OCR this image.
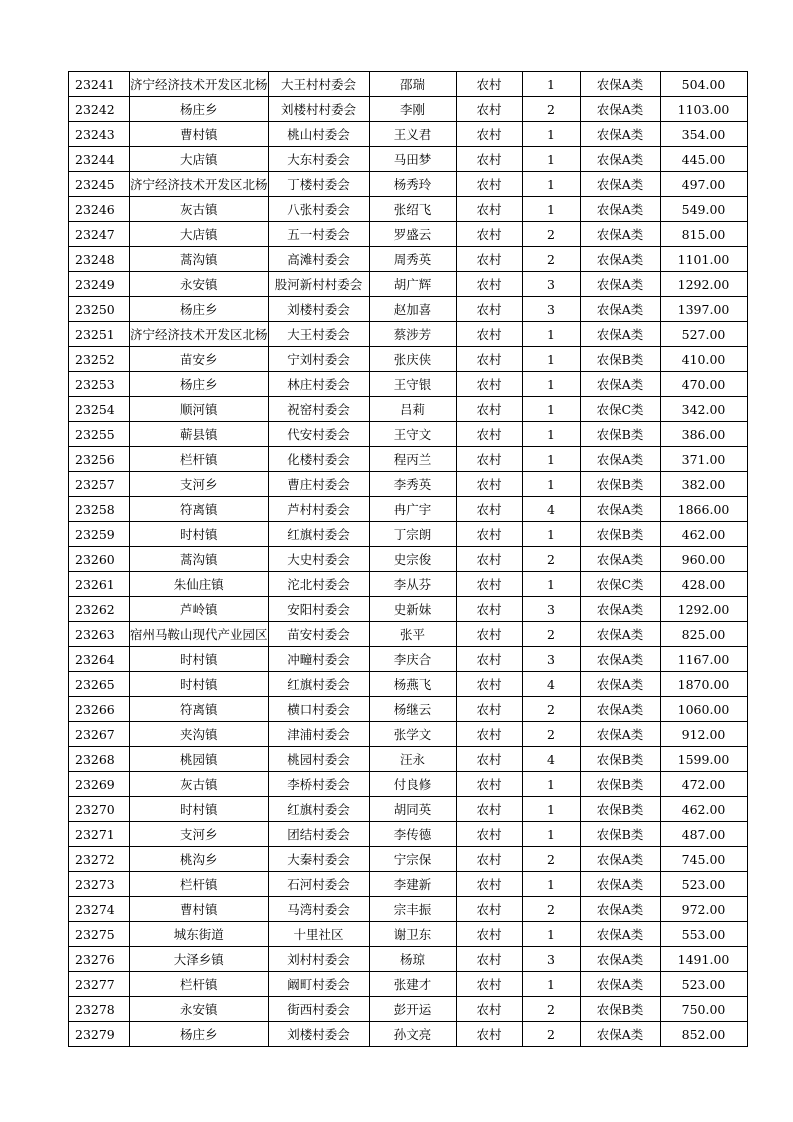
23241	济宁经济技术开发区北杨	大王村村委会	邵瑞	农村	1	农保A类	504.00
23242	杨庄乡	刘楼村村委会	李刚	农村	2	农保A类	1103.00
23243	曹村镇	桃山村委会	王义君	农村	1	农保A类	354.00
23244	大店镇	大东村委会	马田梦	农村	1	农保A类	445.00
23245	济宁经济技术开发区北杨	丁楼村委会	杨秀玲	农村	1	农保A类	497.00
23246	灰古镇	八张村委会	张绍飞	农村	1	农保A类	549.00
23247	大店镇	五一村委会	罗盛云	农村	2	农保A类	815.00
23248	蒿沟镇	高滩村委会	周秀英	农村	2	农保A类	1101.00
23249	永安镇	股河新村村委会	胡广辉	农村	3	农保A类	1292.00
23250	杨庄乡	刘楼村委会	赵加喜	农村	3	农保A类	1397.00
23251	济宁经济技术开发区北杨	大王村委会	蔡涉芳	农村	1	农保A类	527.00
23252	苗安乡	宁刘村委会	张庆侠	农村	1	农保B类	410.00
23253	杨庄乡	林庄村委会	王守银	农村	1	农保A类	470.00
23254	顺河镇	祝窑村委会	吕莉	农村	1	农保C类	342.00
23255	蕲县镇	代安村委会	王守文	农村	1	农保B类	386.00
23256	栏杆镇	化楼村委会	程丙兰	农村	1	农保A类	371.00
23257	支河乡	曹庄村委会	李秀英	农村	1	农保B类	382.00
23258	符离镇	芦村村委会	冉广宇	农村	4	农保A类	1866.00
23259	时村镇	红旗村委会	丁宗朗	农村	1	农保B类	462.00
23260	蒿沟镇	大史村委会	史宗俊	农村	2	农保A类	960.00
23261	朱仙庄镇	沱北村委会	李从芬	农村	1	农保C类	428.00
23262	芦岭镇	安阳村委会	史新妹	农村	3	农保A类	1292.00
23263	宿州马鞍山现代产业园区	苗安村委会	张平	农村	2	农保A类	825.00
23264	时村镇	冲疃村委会	李庆合	农村	3	农保A类	1167.00
23265	时村镇	红旗村委会	杨燕飞	农村	4	农保A类	1870.00
23266	符离镇	横口村委会	杨继云	农村	2	农保A类	1060.00
23267	夹沟镇	津浦村委会	张学文	农村	2	农保A类	912.00
23268	桃园镇	桃园村委会	汪永	农村	4	农保B类	1599.00
23269	灰古镇	李桥村委会	付良修	农村	1	农保B类	472.00
23270	时村镇	红旗村委会	胡同英	农村	1	农保B类	462.00
23271	支河乡	团结村委会	李传德	农村	1	农保B类	487.00
23272	桃沟乡	大秦村委会	宁宗保	农村	2	农保A类	745.00
23273	栏杆镇	石河村委会	李建新	农村	1	农保A类	523.00
23274	曹村镇	马湾村委会	宗丰振	农村	2	农保A类	972.00
23275	城东街道	十里社区	谢卫东	农村	1	农保A类	553.00
23276	大泽乡镇	刘村村委会	杨琼	农村	3	农保A类	1491.00
23277	栏杆镇	阚町村委会	张建才	农村	1	农保A类	523.00
23278	永安镇	街西村委会	彭开运	农村	2	农保B类	750.00
23279	杨庄乡	刘楼村委会	孙文亮	农村	2	农保A类	852.00
